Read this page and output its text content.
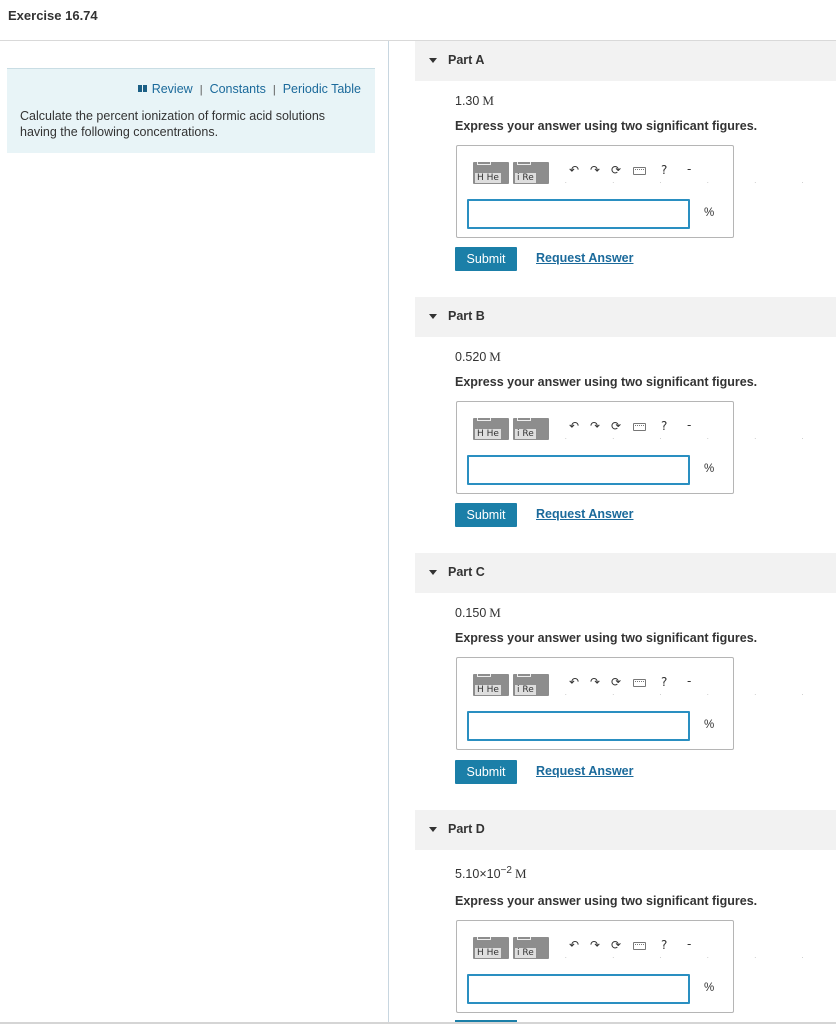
Exercise 16.74
Review | Constants | Periodic Table
Calculate the percent ionization of formic acid solutions having the following concentrations.
Part A
1.30 M
Express your answer using two significant figures.
H He i Re
↶ ↷ ⟳	? -
. . . . . .
%
Submit	Request Answer
Part B
0.520 M
Express your answer using two significant figures.
H He i Re
↶ ↷ ⟳	? -
. . . . . .
%
Submit	Request Answer
Part C
0.150 M
Express your answer using two significant figures.
H He i Re
↶ ↷ ⟳	? -
. . . . . .
%
Submit	Request Answer
Part D
$5.10\times 10^{-2}$ M
Express your answer using two significant figures.
H He i Re
↶ ↷ ⟳	? -
. . . . . .
%
